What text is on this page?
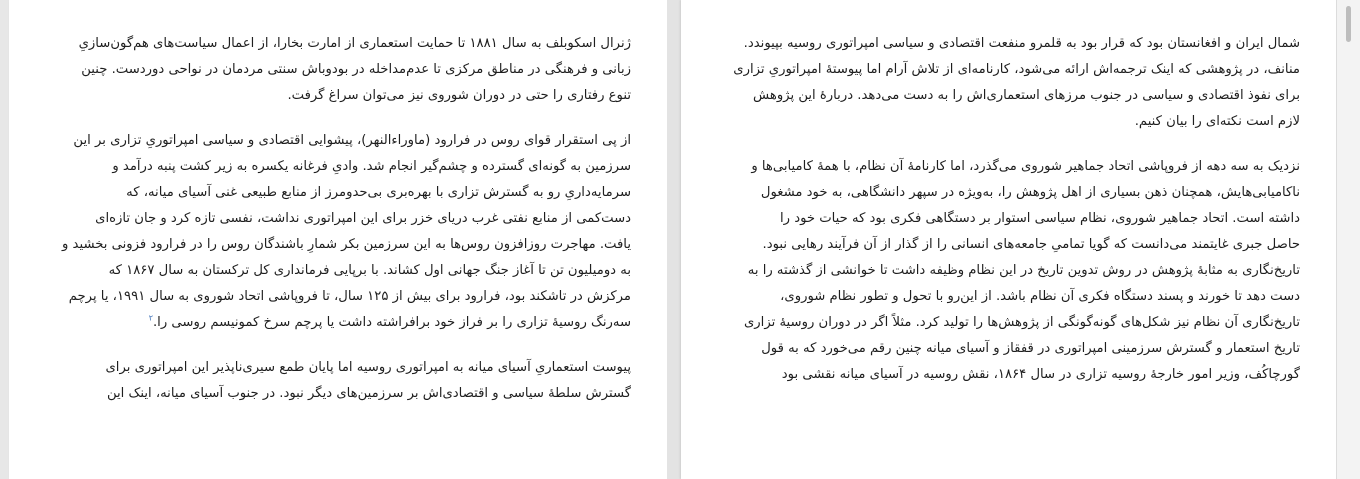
ژنرال اسکوبلف به سال ۱۸۸۱ تا حمایت استعماری از امارت بخارا، از اعمال سیاست‌های هم‌گون‌سازیِ
زبانی و فرهنگی در مناطق مرکزی تا عدم‌مداخله در بودوباش سنتی مردمان در نواحی دوردست. چنین
تنوع رفتاری را حتی در دوران شوروی نیز می‌توان سراغ گرفت.
از پی استقرار قوای روس در فرارود (ماوراءالنهر)، پیشوایی اقتصادی و سیاسی امپراتوریِ تزاری بر این
سرزمین به گونه‌ای گسترده و چشم‌گیر انجام شد. وادیِ فرغانه یکسره به زیر کشت پنبه درآمد و
سرمایه‌داریِ رو به گسترش تزاری با بهره‌بری بی‌حدومرز از منابع طبیعی غنی آسیای میانه، که
دست‌کمی از منابع نفتی غرب دریای خزر برای این امپراتوری نداشت، نفسی تازه کرد و جان تازه‌ای
یافت. مهاجرت روزافزون روس‌ها به این سرزمین بکر شمارِ باشندگان روس را در فرارود فزونی بخشید و
به دومیلیون تن تا آغاز جنگ جهانی اول کشاند. با برپایی فرمانداری کل ترکستان به سال ۱۸۶۷ که
مرکزش در تاشکند بود، فرارود برای بیش از ۱۲۵ سال، تا فروپاشی اتحاد شوروی به سال ۱۹۹۱، یا پرچم
سه‌رنگ روسیهٔ تزاری را بر فراز خود برافراشته داشت یا پرچم سرخ کمونیسم روسی را.$^۲$
پیوست استعماریِ آسیای میانه به امپراتوری روسیه اما پایان طمع سیری‌ناپذیر این امپراتوری برای
گسترش سلطهٔ سیاسی و اقتصادی‌اش بر سرزمین‌های دیگر نبود. در جنوب آسیای میانه، اینک این
شمال ایران و افغانستان بود که قرار بود به قلمرو منفعت اقتصادی و سیاسی امپراتوری روسیه بپیوندد.
منانف، در پژوهشی که اینک ترجمه‌اش ارائه می‌شود، کارنامه‌ای از تلاش آرام اما پیوستهٔ امپراتوریِ تزاری
برای نفوذ اقتصادی و سیاسی در جنوب مرزهای استعماری‌اش را به دست می‌دهد. دربارهٔ این پژوهش
لازم است نکته‌ای را بیان کنیم.
نزدیک به سه دهه از فروپاشی اتحاد جماهیر شوروی می‌گذرد، اما کارنامهٔ آن نظام، با همهٔ کامیابی‌ها و
ناکامیابی‌هایش، همچنان ذهن بسیاری از اهل پژوهش را، به‌ویژه در سپهر دانشگاهی، به خود مشغول
داشته است. اتحاد جماهیر شوروی، نظام سیاسی استوار بر دستگاهی فکری بود که حیات خود را
حاصل جبری غایتمند می‌دانست که گویا تمامیِ جامعه‌های انسانی را از گذار از آن فرآیند رهایی نبود.
تاریخ‌نگاری به مثابهٔ پژوهش در روش تدوین تاریخ در این نظام وظیفه داشت تا خوانشی از گذشته را به
دست دهد تا خورند و پسند دستگاه فکری آن نظام باشد. از این‌رو با تحول و تطور نظام شوروی،
تاریخ‌نگاری آن نظام نیز شکل‌های گونه‌گونگی از پژوهش‌ها را تولید کرد. مثلاً اگر در دوران روسیهٔ تزاری
تاریخ استعمار و گسترش سرزمینی امپراتوری در قفقاز و آسیای میانه چنین رقم می‌خورد که به قول
گورچاکُف، وزیر امور خارجهٔ روسیه تزاری در سال ۱۸۶۴، نقش روسیه در آسیای میانه نقشی بود
